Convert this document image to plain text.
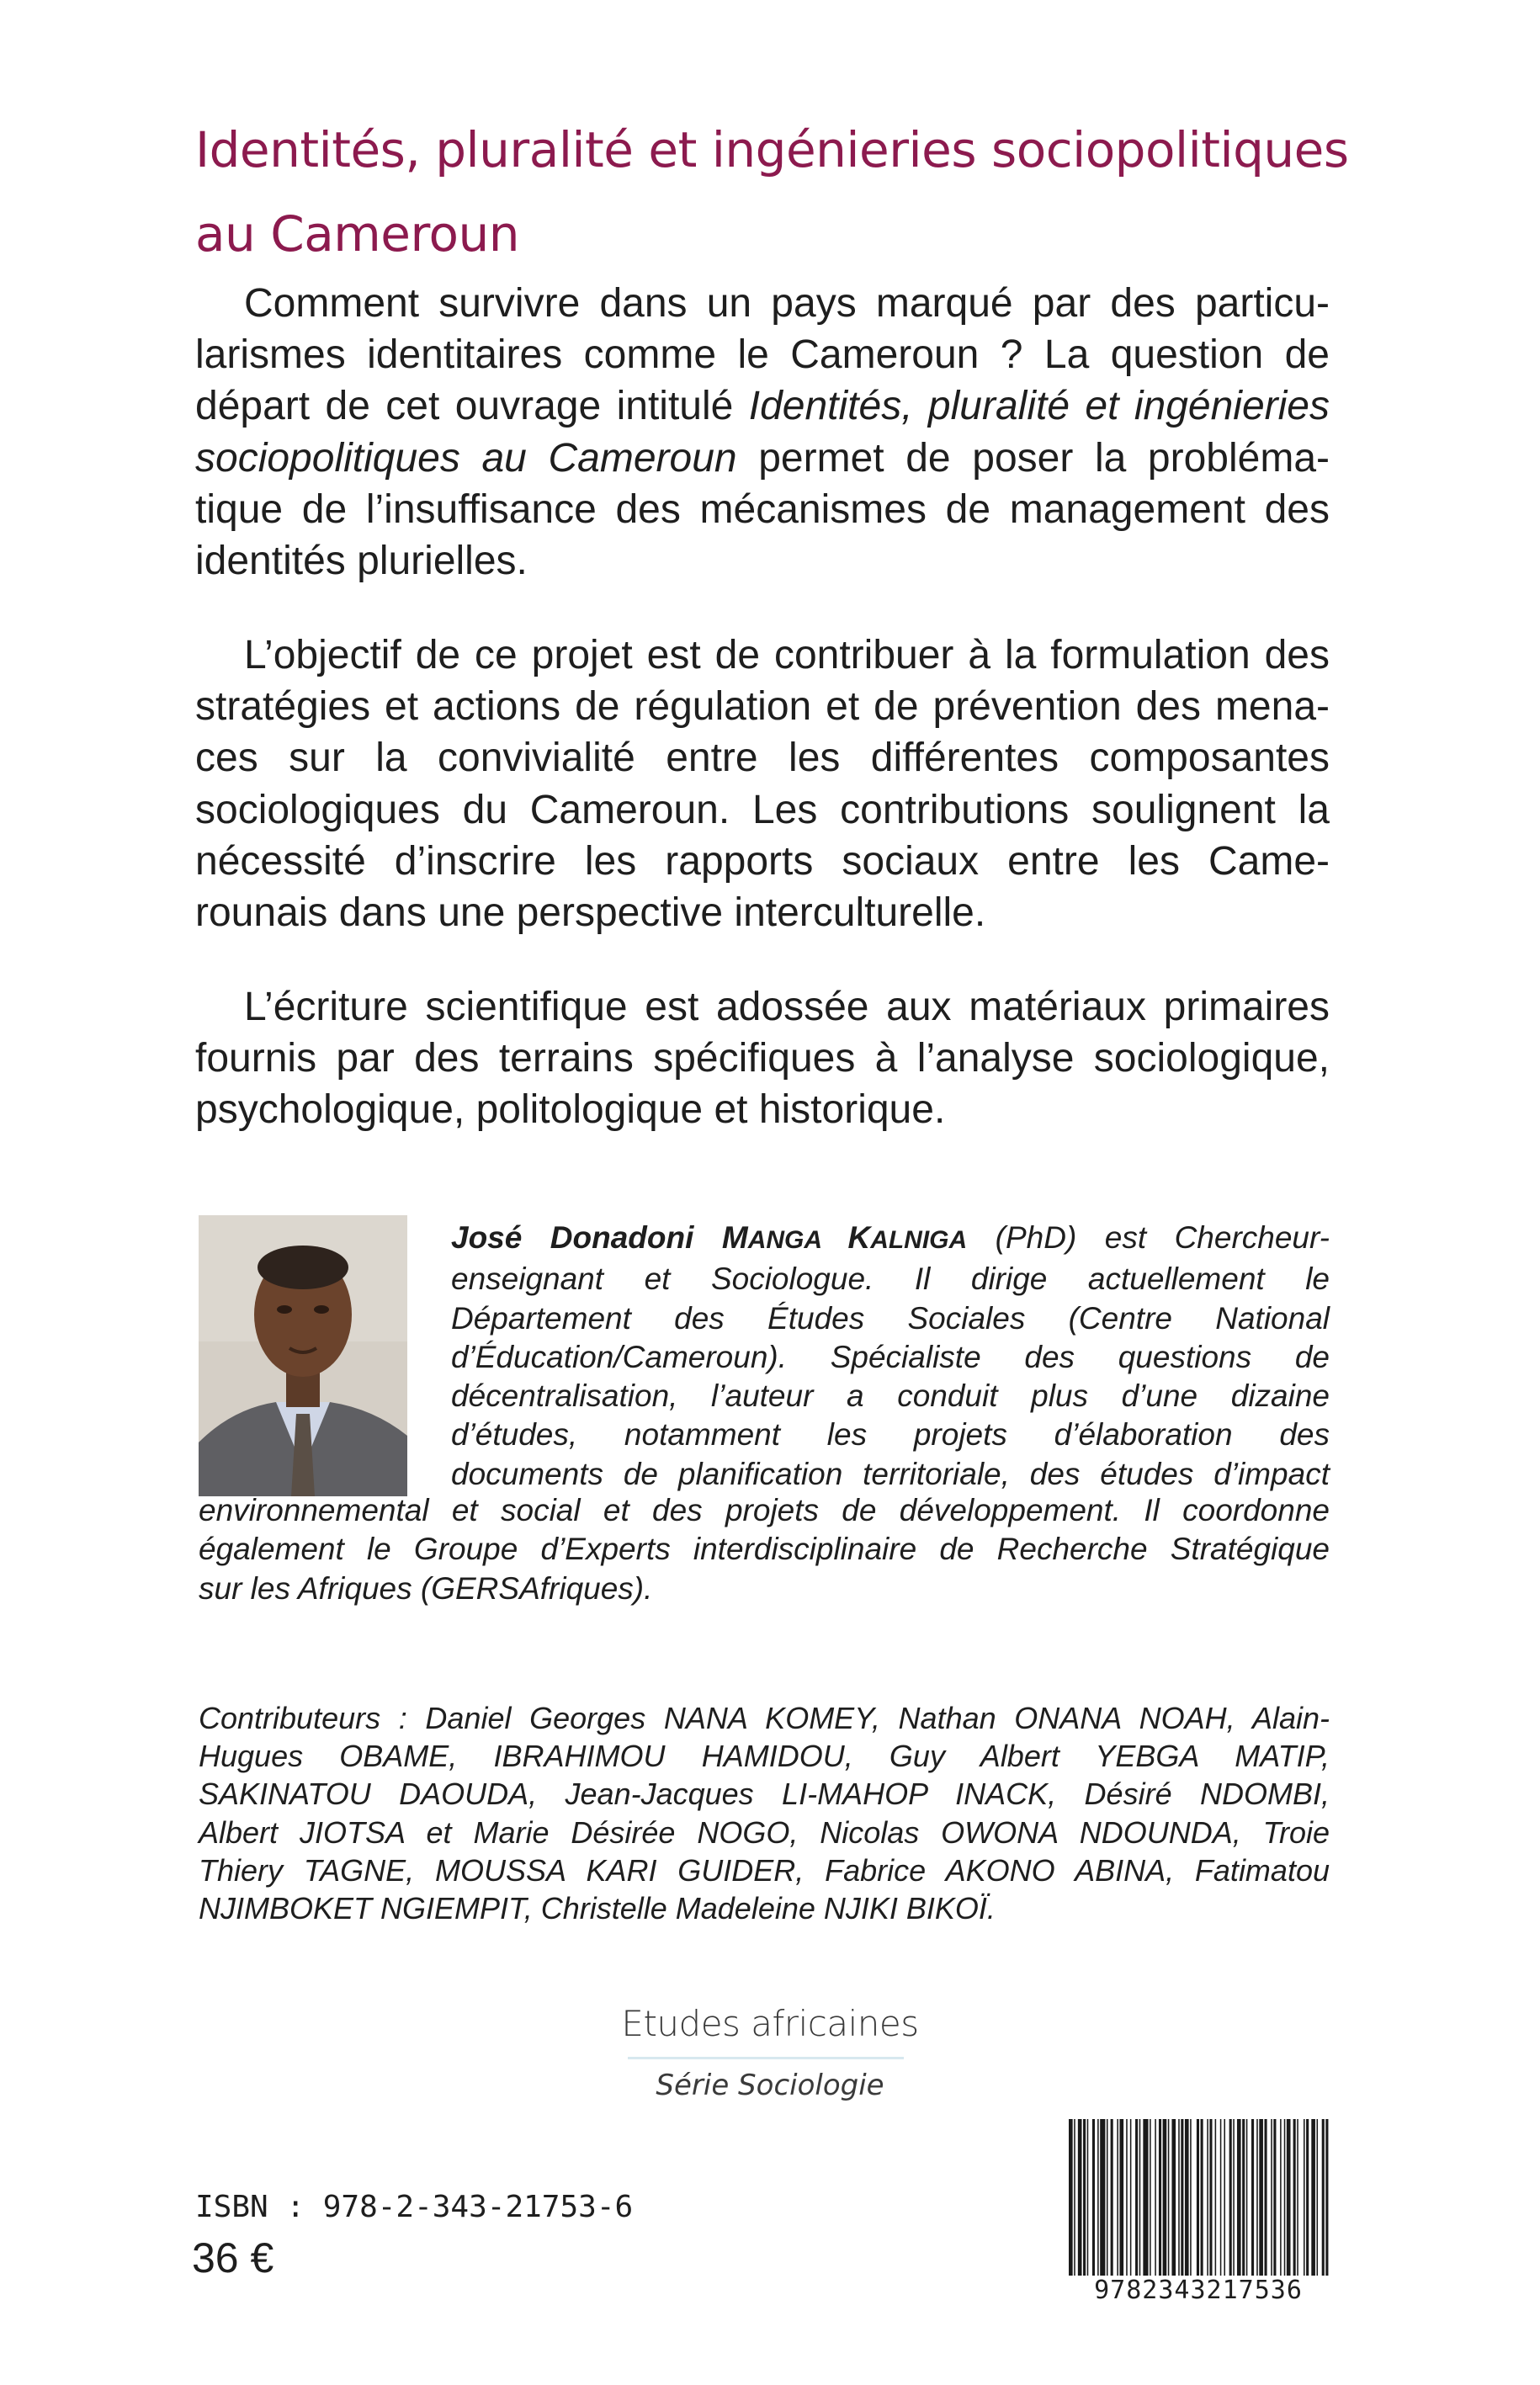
Identités, pluralité et ingénieries sociopolitiques
au Cameroun
Comment survivre dans un pays marqué par des particu-
larismes identitaires comme le Cameroun ? La question de
départ de cet ouvrage intitulé Identités, pluralité et ingénieries
sociopolitiques au Cameroun permet de poser la probléma-
tique de l’insuffisance des mécanismes de management des
identités plurielles.
L’objectif de ce projet est de contribuer à la formulation des
stratégies et actions de régulation et de prévention des mena-
ces sur la convivialité entre les différentes composantes
sociologiques du Cameroun. Les contributions soulignent la
nécessité d’inscrire les rapports sociaux entre les Came-
rounais dans une perspective interculturelle.
L’écriture scientifique est adossée aux matériaux primaires
fournis par des terrains spécifiques à l’analyse sociologique,
psychologique, politologique et historique.
José Donadoni MANGA KALNIGA (PhD) est Chercheur-
enseignant et Sociologue. Il dirige actuellement le
Département des Études Sociales (Centre National
d’Éducation/Cameroun). Spécialiste des questions de
décentralisation, l’auteur a conduit plus d’une dizaine
d’études, notamment les projets d’élaboration des
documents de planification territoriale, des études d’impact
environnemental et social et des projets de développement. Il coordonne
également le Groupe d’Experts interdisciplinaire de Recherche Stratégique
sur les Afriques (GERSAfriques).
Contributeurs : Daniel Georges NANA KOMEY, Nathan ONANA NOAH, Alain-
Hugues OBAME, IBRAHIMOU HAMIDOU, Guy Albert YEBGA MATIP,
SAKINATOU DAOUDA, Jean-Jacques LI-MAHOP INACK, Désiré NDOMBI,
Albert JIOTSA et Marie Désirée NOGO, Nicolas OWONA NDOUNDA, Troie
Thiery TAGNE, MOUSSA KARI GUIDER, Fabrice AKONO ABINA, Fatimatou
NJIMBOKET NGIEMPIT, Christelle Madeleine NJIKI BIKOÏ.
Etudes africaines
Série Sociologie
ISBN : 978-2-343-21753-6
36 €
9782343217536
